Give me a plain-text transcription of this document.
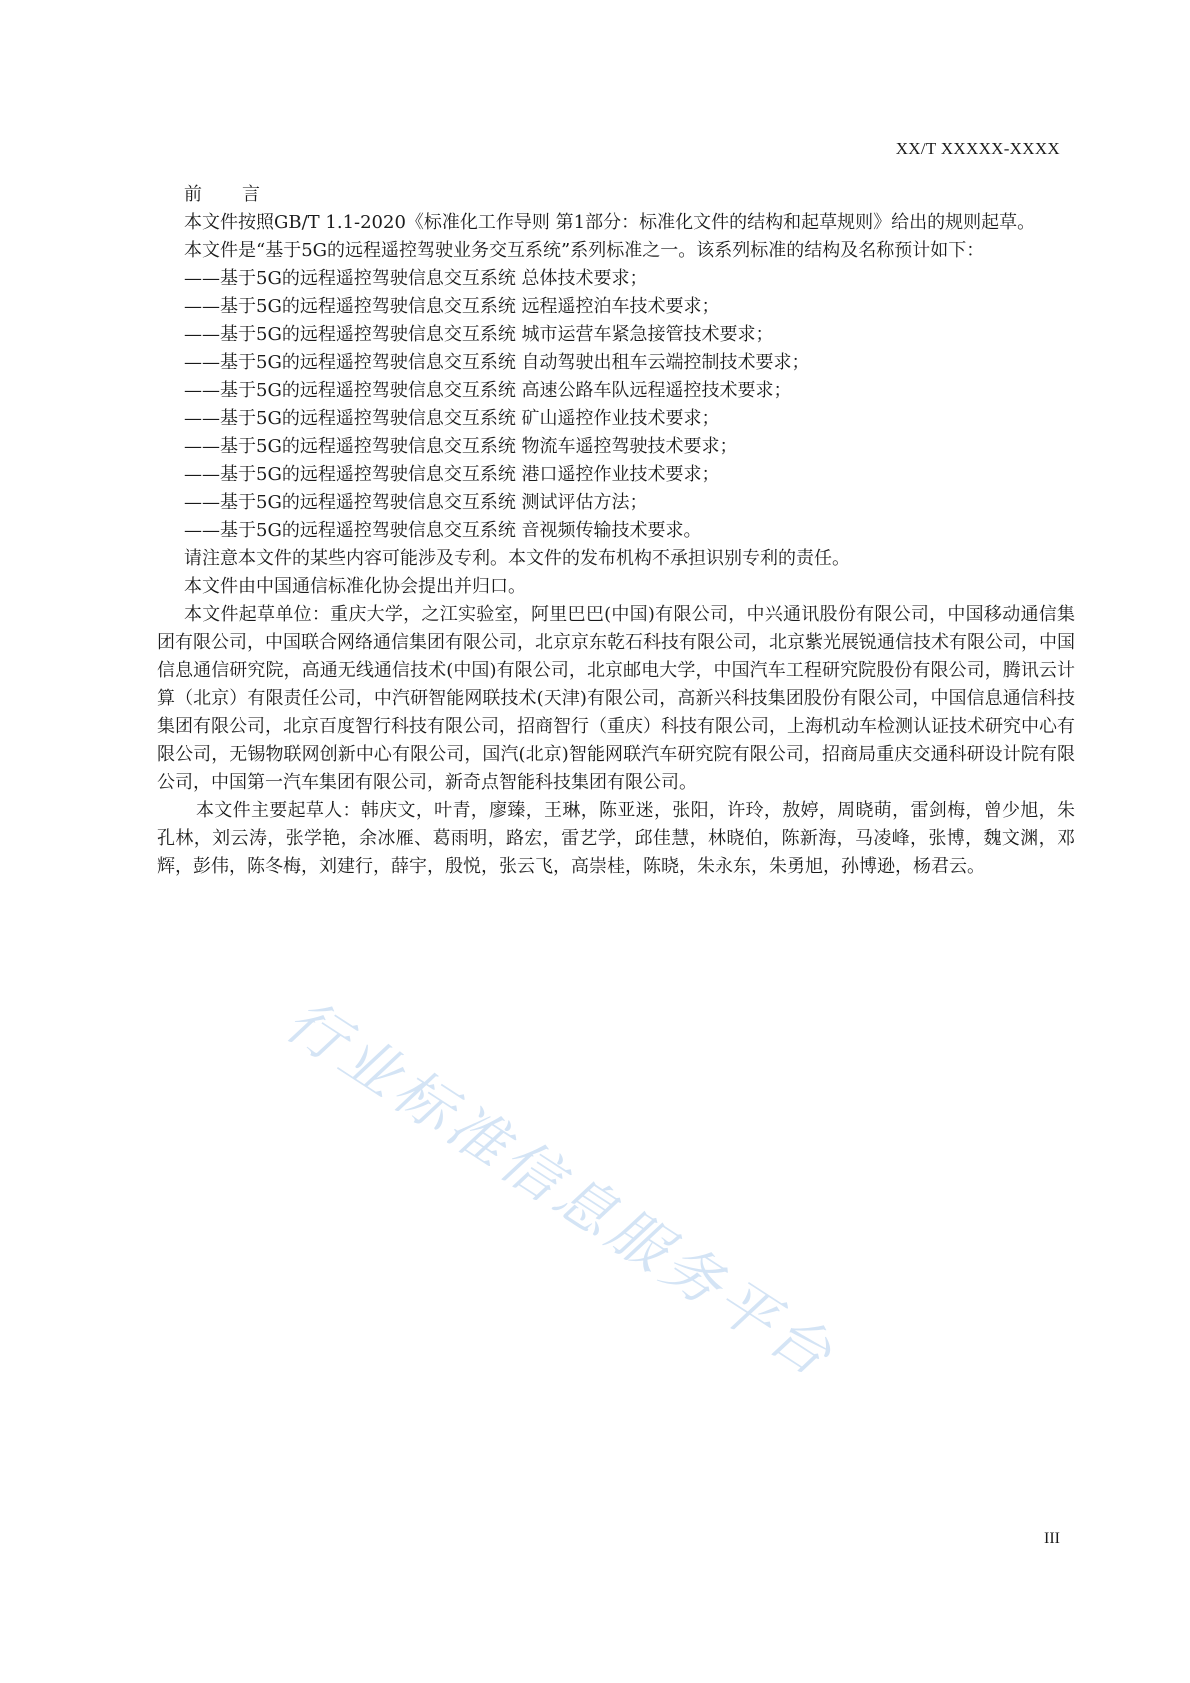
XX/T XXXXX-XXXX

前 言

本文件按照GB/T 1.1-2020《标准化工作导则 第1部分：标准化文件的结构和起草规则》给出的规则起草。

本文件是“基于5G的远程遥控驾驶业务交互系统”系列标准之一。该系列标准的结构及名称预计如下：

——基于5G的远程遥控驾驶信息交互系统 总体技术要求；
——基于5G的远程遥控驾驶信息交互系统 远程遥控泊车技术要求；
——基于5G的远程遥控驾驶信息交互系统 城市运营车紧急接管技术要求；
——基于5G的远程遥控驾驶信息交互系统 自动驾驶出租车云端控制技术要求；
——基于5G的远程遥控驾驶信息交互系统 高速公路车队远程遥控技术要求；
——基于5G的远程遥控驾驶信息交互系统 矿山遥控作业技术要求；
——基于5G的远程遥控驾驶信息交互系统 物流车遥控驾驶技术要求；
——基于5G的远程遥控驾驶信息交互系统 港口遥控作业技术要求；
——基于5G的远程遥控驾驶信息交互系统 测试评估方法；
——基于5G的远程遥控驾驶信息交互系统 音视频传输技术要求。

请注意本文件的某些内容可能涉及专利。本文件的发布机构不承担识别专利的责任。

本文件由中国通信标准化协会提出并归口。

本文件起草单位：重庆大学，之江实验室，阿里巴巴(中国)有限公司，中兴通讯股份有限公司，中国移动通信集团有限公司，中国联合网络通信集团有限公司，北京京东乾石科技有限公司，北京紫光展锐通信技术有限公司，中国信息通信研究院，高通无线通信技术(中国)有限公司，北京邮电大学，中国汽车工程研究院股份有限公司，腾讯云计算（北京）有限责任公司，中汽研智能网联技术(天津)有限公司，高新兴科技集团股份有限公司，中国信息通信科技集团有限公司，北京百度智行科技有限公司，招商智行（重庆）科技有限公司，上海机动车检测认证技术研究中心有限公司，无锡物联网创新中心有限公司，国汽(北京)智能网联汽车研究院有限公司，招商局重庆交通科研设计院有限公司，中国第一汽车集团有限公司，新奇点智能科技集团有限公司。

本文件主要起草人：韩庆文，叶青，廖臻，王琳，陈亚迷，张阳，许玲，敖婷，周晓萌，雷剑梅，曾少旭，朱孔林，刘云涛，张学艳，余冰雁、葛雨明，路宏，雷艺学，邱佳慧，林晓伯，陈新海，马凌峰，张博，魏文渊，邓辉，彭伟，陈冬梅，刘建行，薛宇，殷悦，张云飞，高崇桂，陈晓，朱永东，朱勇旭，孙博逊，杨君云。

行业标准信息服务平台
III
